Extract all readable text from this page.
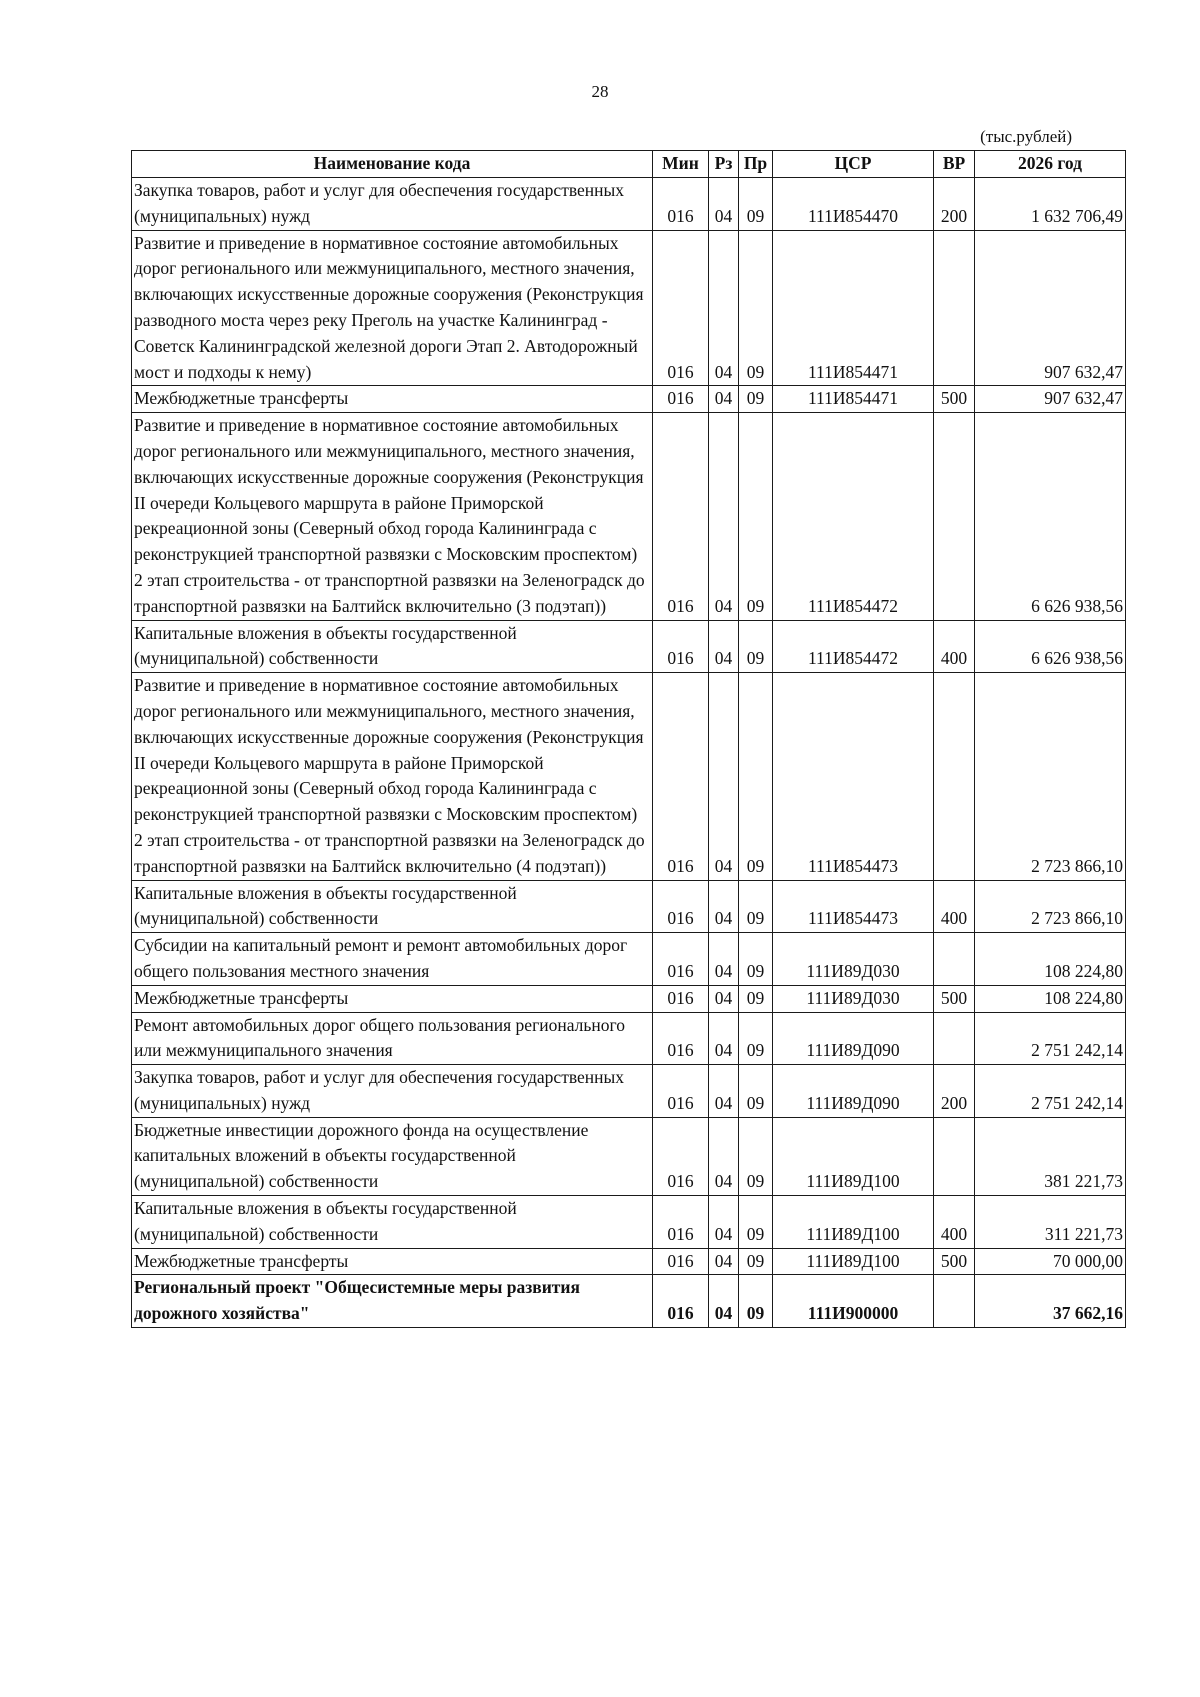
28
(тыс.рублей)
Наименование кода	Мин	Рз	Пр	ЦСР	ВР	2026 год
Закупка товаров, работ и услуг для обеспечения государственных (муниципальных) нужд	016	04	09	111И854470	200	1 632 706,49
Развитие и приведение в нормативное состояние автомобильных дорог регионального или межмуниципального, местного значения, включающих искусственные дорожные сооружения (Реконструкция разводного моста через реку Преголь на участке Калининград - Советск Калининградской железной дороги Этап 2. Автодорожный мост и подходы к нему)	016	04	09	111И854471		907 632,47
Межбюджетные трансферты	016	04	09	111И854471	500	907 632,47
Развитие и приведение в нормативное состояние автомобильных дорог регионального или межмуниципального, местного значения, включающих искусственные дорожные сооружения (Реконструкция II очереди Кольцевого маршрута в районе Приморской рекреационной зоны (Северный обход города Калининграда с реконструкцией транспортной развязки с Московским проспектом) 2 этап строительства - от транспортной развязки на Зеленоградск до транспортной развязки на Балтийск включительно (3 подэтап))	016	04	09	111И854472		6 626 938,56
Капитальные вложения в объекты государственной (муниципальной) собственности	016	04	09	111И854472	400	6 626 938,56
Развитие и приведение в нормативное состояние автомобильных дорог регионального или межмуниципального, местного значения, включающих искусственные дорожные сооружения (Реконструкция II очереди Кольцевого маршрута в районе Приморской рекреационной зоны (Северный обход города Калининграда с реконструкцией транспортной развязки с Московским проспектом) 2 этап строительства - от транспортной развязки на Зеленоградск до транспортной развязки на Балтийск включительно (4 подэтап))	016	04	09	111И854473		2 723 866,10
Капитальные вложения в объекты государственной (муниципальной) собственности	016	04	09	111И854473	400	2 723 866,10
Субсидии на капитальный ремонт и ремонт автомобильных дорог общего пользования местного значения	016	04	09	111И89Д030		108 224,80
Межбюджетные трансферты	016	04	09	111И89Д030	500	108 224,80
Ремонт автомобильных дорог общего пользования регионального или межмуниципального значения	016	04	09	111И89Д090		2 751 242,14
Закупка товаров, работ и услуг для обеспечения государственных (муниципальных) нужд	016	04	09	111И89Д090	200	2 751 242,14
Бюджетные инвестиции дорожного фонда на осуществление капитальных вложений в объекты государственной (муниципальной) собственности	016	04	09	111И89Д100		381 221,73
Капитальные вложения в объекты государственной (муниципальной) собственности	016	04	09	111И89Д100	400	311 221,73
Межбюджетные трансферты	016	04	09	111И89Д100	500	70 000,00
Региональный проект "Общесистемные меры развития дорожного хозяйства"	016	04	09	111И900000		37 662,16
